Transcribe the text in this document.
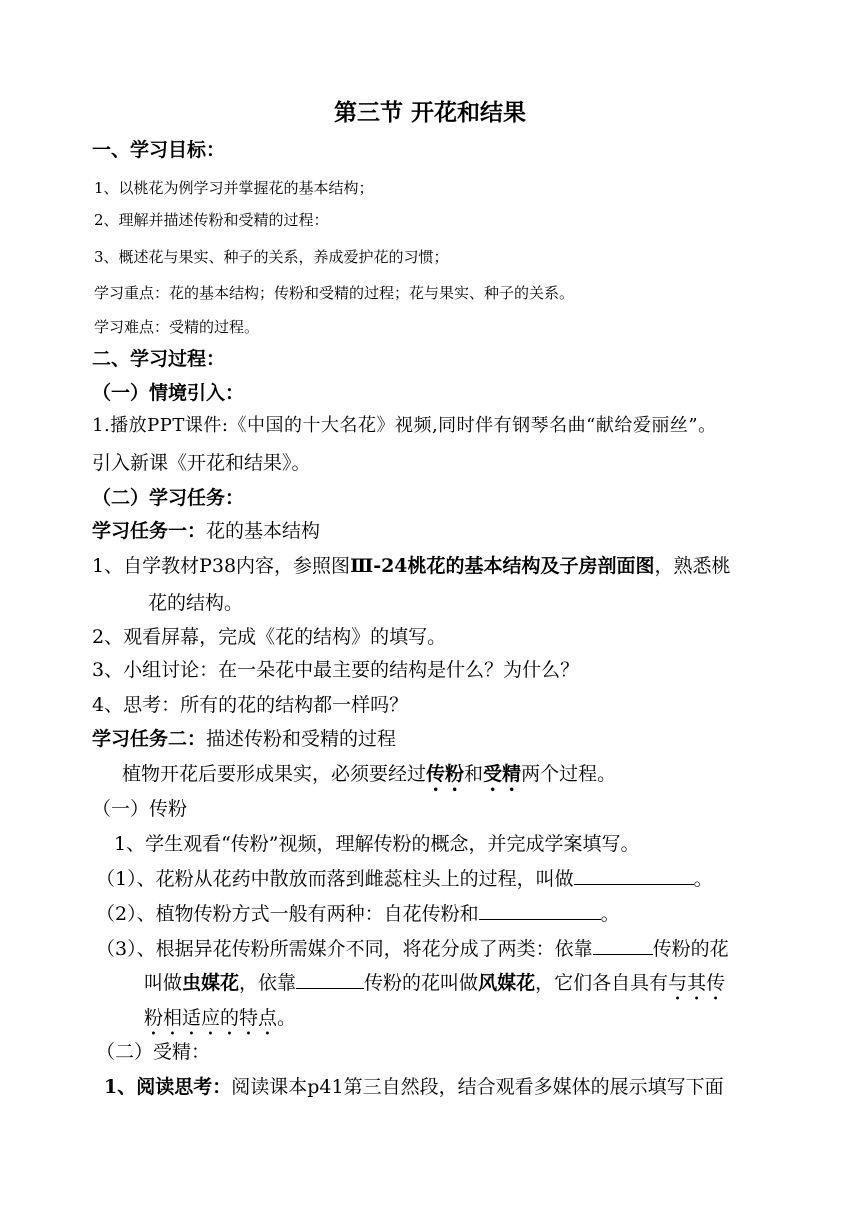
第三节 开花和结果
一、学习目标：
1、以桃花为例学习并掌握花的基本结构；
2、理解并描述传粉和受精的过程：
3、概述花与果实、种子的关系，养成爱护花的习惯；
学习重点：花的基本结构；传粉和受精的过程；花与果实、种子的关系。
学习难点：受精的过程。
二、学习过程：
（一）情境引入：
1.播放PPT课件:《中国的十大名花》视频,同时伴有钢琴名曲“献给爱丽丝”。
引入新课《开花和结果》。
（二）学习任务：
学习任务一：花的基本结构
1、自学教材P38内容，参照图Ⅲ-24桃花的基本结构及子房剖面图，熟悉桃
花的结构。
2、观看屏幕，完成《花的结构》的填写。
3、小组讨论：在一朵花中最主要的结构是什么？为什么？
4、思考：所有的花的结构都一样吗？
学习任务二：描述传粉和受精的过程
植物开花后要形成果实，必须要经过传粉和受精两个过程。
（一）传粉
1、学生观看“传粉”视频，理解传粉的概念，并完成学案填写。
（1）、花粉从花药中散放而落到雌蕊柱头上的过程，叫做	。
（2）、植物传粉方式一般有两种：自花传粉和	。
（3）、根据异花传粉所需媒介不同，将花分成了两类：依靠	传粉的花
叫做虫媒花，依靠	传粉的花叫做风媒花，它们各自具有与其传
粉相适应的特点。
（二）受精：
1、阅读思考：阅读课本p41第三自然段，结合观看多媒体的展示填写下面
